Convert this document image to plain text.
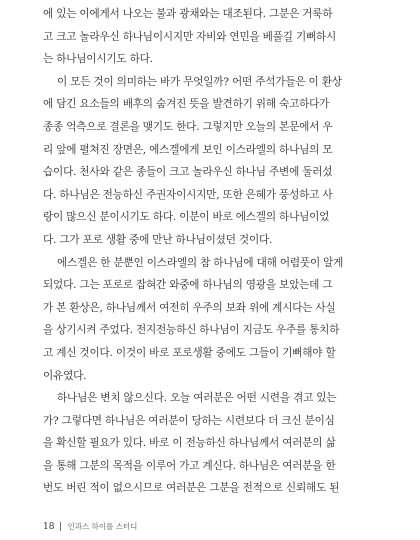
에 있는 이에게서 나오는 불과 광채와는 대조된다. 그분은 거룩하
고 크고 놀라우신 하나님이시지만 자비와 연민을 베풀길 기뻐하시
는 하나님이시기도 하다.
이 모든 것이 의미하는 바가 무엇일까? 어떤 주석가들은 이 환상
에 담긴 요소들의 배후의 숨겨진 뜻을 발견하기 위해 숙고하다가
종종 억측으로 결론을 맺기도 한다. 그렇지만 오늘의 본문에서 우
리 앞에 펼쳐진 장면은, 에스겔에게 보인 이스라엘의 하나님의 모
습이다. 천사와 같은 종들이 크고 놀라우신 하나님 주변에 둘러섰
다. 하나님은 전능하신 주권자이시지만, 또한 은혜가 풍성하고 사
랑이 많으신 분이시기도 하다. 이분이 바로 에스겔의 하나님이었
다. 그가 포로 생활 중에 만난 하나님이셨던 것이다.
에스겔은 한 분뿐인 이스라엘의 참 하나님에 대해 어렴풋이 알게
되었다. 그는 포로로 잡혀간 와중에 하나님의 영광을 보았는데 그
가 본 환상은, 하나님께서 여전히 우주의 보좌 위에 계시다는 사실
을 상기시켜 주었다. 전지전능하신 하나님이 지금도 우주를 통치하
고 계신 것이다. 이것이 바로 포로생활 중에도 그들이 기뻐해야 할
이유였다.
하나님은 변치 않으신다. 오늘 여러분은 어떤 시련을 겪고 있는
가? 그렇다면 하나님은 여러분이 당하는 시련보다 더 크신 분이심
을 확신할 필요가 있다. 바로 이 전능하신 하나님께서 여러분의 삶
을 통해 그분의 목적을 이루어 가고 계신다. 하나님은 여러분을 한
번도 버린 적이 없으시므로 여러분은 그분을 전적으로 신뢰해도 된
18 인과스 하이를 스터디
